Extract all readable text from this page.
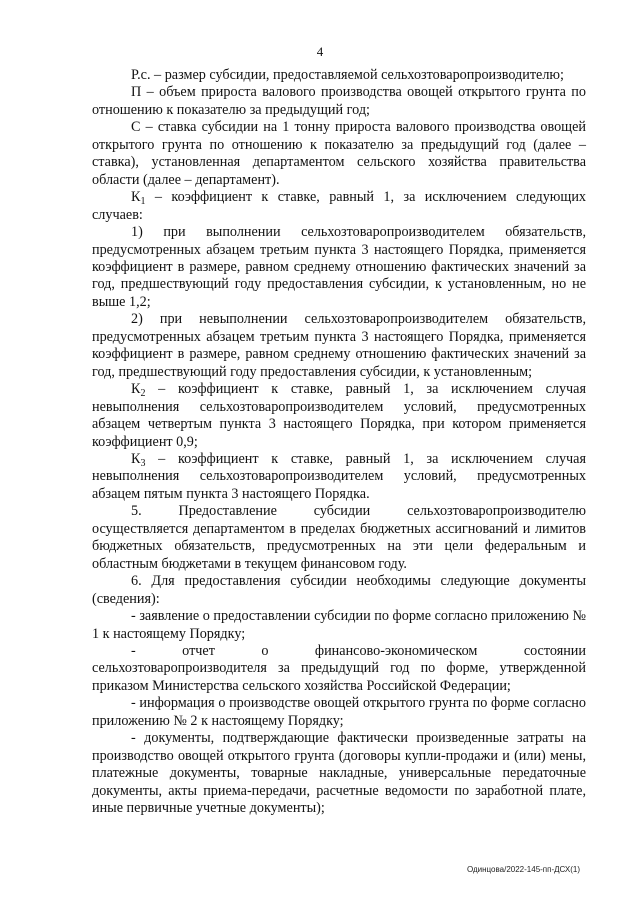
4

Р.с. – размер субсидии, предоставляемой сельхозтоваропроизводителю;

П – объем прироста валового производства овощей открытого грунта по отношению к показателю за предыдущий год;

С – ставка субсидии на 1 тонну прироста валового производства овощей открытого грунта по отношению к показателю за предыдущий год (далее – ставка), установленная департаментом сельского хозяйства правительства области (далее – департамент).

$К_1$ – коэффициент к ставке, равный 1, за исключением следующих случаев:

1) при выполнении сельхозтоваропроизводителем обязательств, предусмотренных абзацем третьим пункта 3 настоящего Порядка, применяется коэффициент в размере, равном среднему отношению фактических значений за год, предшествующий году предоставления субсидии, к установленным, но не выше 1,2;

2) при невыполнении сельхозтоваропроизводителем обязательств, предусмотренных абзацем третьим пункта 3 настоящего Порядка, применяется коэффициент в размере, равном среднему отношению фактических значений за год, предшествующий году предоставления субсидии, к установленным;

$К_2$ – коэффициент к ставке, равный 1, за исключением случая невыполнения сельхозтоваропроизводителем условий, предусмотренных абзацем четвертым пункта 3 настоящего Порядка, при котором применяется коэффициент 0,9;

$К_3$ – коэффициент к ставке, равный 1, за исключением случая невыполнения сельхозтоваропроизводителем условий, предусмотренных абзацем пятым пункта 3 настоящего Порядка.

5. Предоставление субсидии сельхозтоваропроизводителю осуществляется департаментом в пределах бюджетных ассигнований и лимитов бюджетных обязательств, предусмотренных на эти цели федеральным и областным бюджетами в текущем финансовом году.

6. Для предоставления субсидии необходимы следующие документы (сведения):

- заявление о предоставлении субсидии по форме согласно приложению № 1 к настоящему Порядку;

- отчет о финансово-экономическом состоянии сельхозтоваропроизводителя за предыдущий год по форме, утвержденной приказом Министерства сельского хозяйства Российской Федерации;

- информация о производстве овощей открытого грунта по форме согласно приложению № 2 к настоящему Порядку;

- документы, подтверждающие фактически произведенные затраты на производство овощей открытого грунта (договоры купли-продажи и (или) мены, платежные документы, товарные накладные, универсальные передаточные документы, акты приема-передачи, расчетные ведомости по заработной плате, иные первичные учетные документы);

Одинцова/2022-145-пп-ДСХ(1)
